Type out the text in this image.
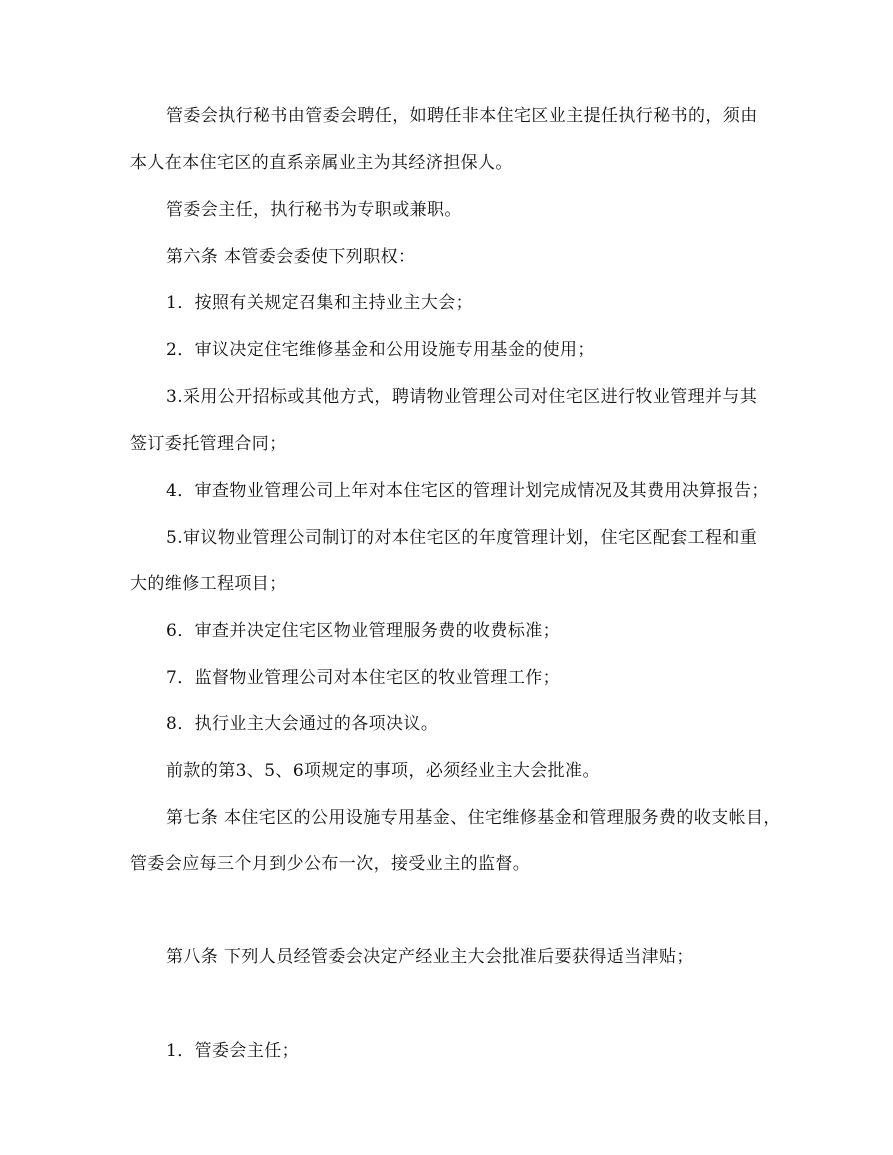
管委会执行秘书由管委会聘任，如聘任非本住宅区业主提任执行秘书的，须由
本人在本住宅区的直系亲属业主为其经济担保人。
管委会主任，执行秘书为专职或兼职。
第六条 本管委会委使下列职权：
1．按照有关规定召集和主持业主大会；
2．审议决定住宅维修基金和公用设施专用基金的使用；
3.采用公开招标或其他方式，聘请物业管理公司对住宅区进行牧业管理并与其
签订委托管理合同；
4．审查物业管理公司上年对本住宅区的管理计划完成情况及其费用决算报告；
5.审议物业管理公司制订的对本住宅区的年度管理计划，住宅区配套工程和重
大的维修工程项目；
6．审查并决定住宅区物业管理服务费的收费标准；
7．监督物业管理公司对本住宅区的牧业管理工作；
8．执行业主大会通过的各项决议。
前款的第3、5、6项规定的事项，必须经业主大会批准。
第七条 本住宅区的公用设施专用基金、住宅维修基金和管理服务费的收支帐目，
管委会应每三个月到少公布一次，接受业主的监督。
第八条 下列人员经管委会决定产经业主大会批准后要获得适当津贴；
1．管委会主任；
